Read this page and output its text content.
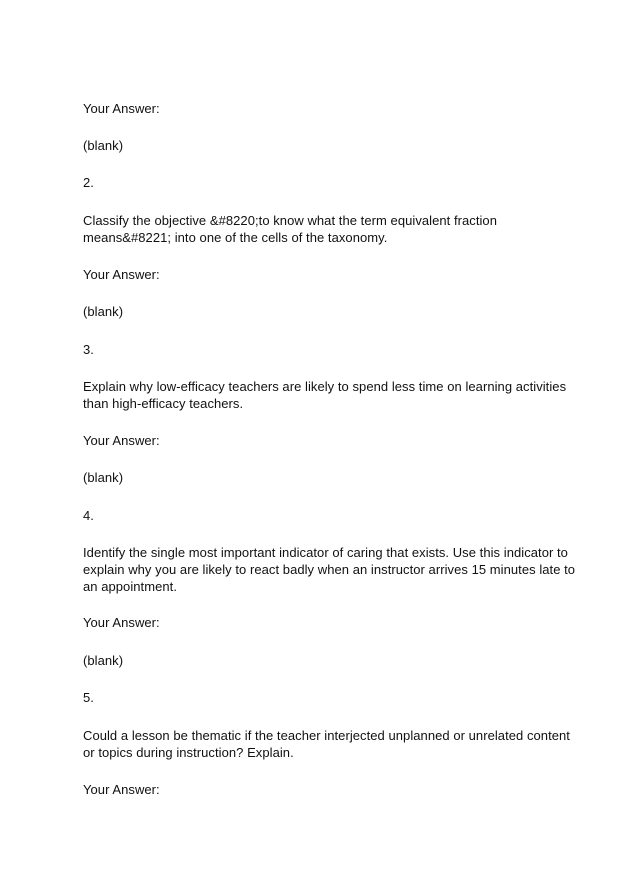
Your Answer:

(blank)

2.

Classify the objective &#8220;to know what the term equivalent fraction means&#8221; into one of the cells of the taxonomy.

Your Answer:

(blank)

3.

Explain why low-efficacy teachers are likely to spend less time on learning activities than high-efficacy teachers.

Your Answer:

(blank)

4.

Identify the single most important indicator of caring that exists. Use this indicator to explain why you are likely to react badly when an instructor arrives 15 minutes late to an appointment.

Your Answer:

(blank)

5.

Could a lesson be thematic if the teacher interjected unplanned or unrelated content or topics during instruction? Explain.

Your Answer:
